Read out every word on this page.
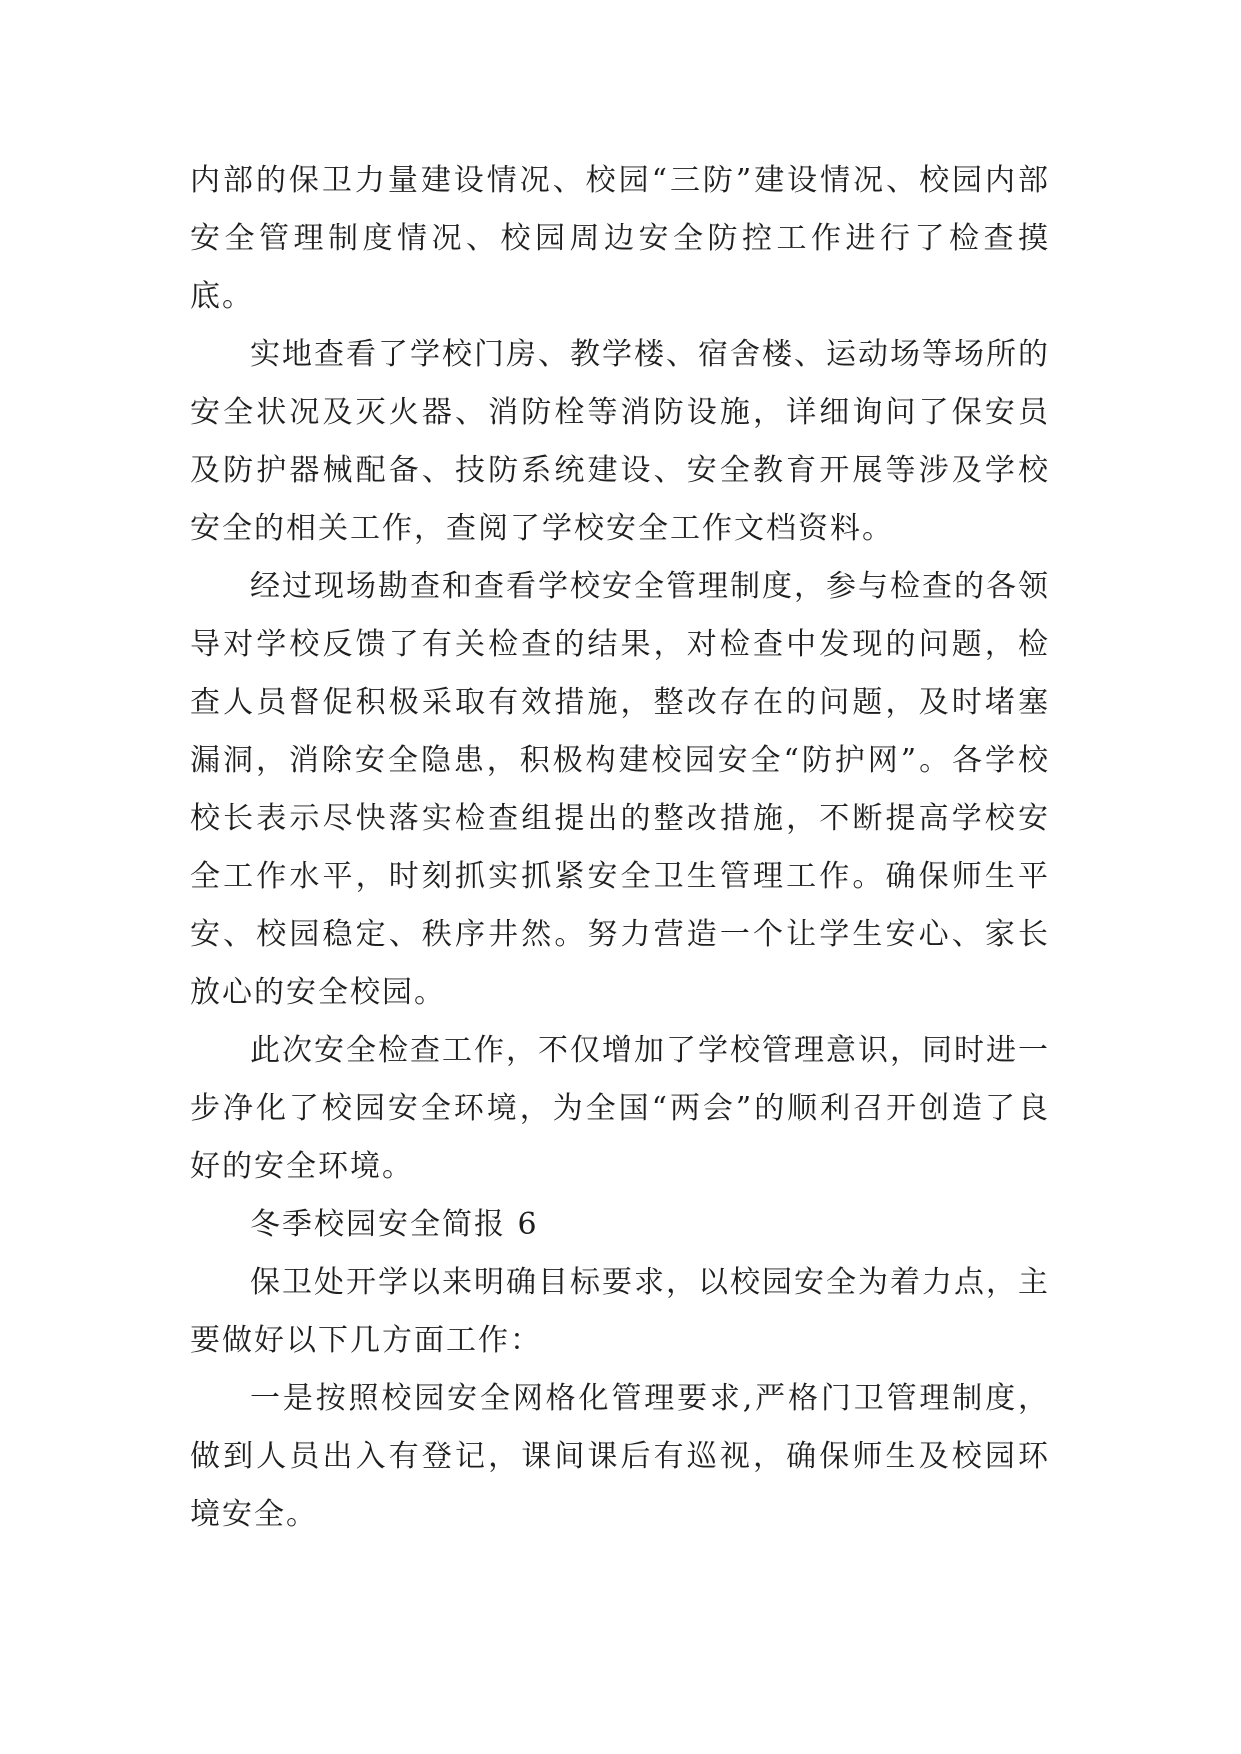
内部的保卫力量建设情况、校园“三防”建设情况、校园内部安全管理制度情况、校园周边安全防控工作进行了检查摸底。

实地查看了学校门房、教学楼、宿舍楼、运动场等场所的安全状况及灭火器、消防栓等消防设施，详细询问了保安员及防护器械配备、技防系统建设、安全教育开展等涉及学校安全的相关工作，查阅了学校安全工作文档资料。

经过现场勘查和查看学校安全管理制度，参与检查的各领导对学校反馈了有关检查的结果，对检查中发现的问题，检查人员督促积极采取有效措施，整改存在的问题，及时堵塞漏洞，消除安全隐患，积极构建校园安全“防护网”。各学校校长表示尽快落实检查组提出的整改措施，不断提高学校安全工作水平，时刻抓实抓紧安全卫生管理工作。确保师生平安、校园稳定、秩序井然。努力营造一个让学生安心、家长放心的安全校园。

此次安全检查工作，不仅增加了学校管理意识，同时进一步净化了校园安全环境，为全国“两会”的顺利召开创造了良好的安全环境。

冬季校园安全简报 6

保卫处开学以来明确目标要求，以校园安全为着力点，主要做好以下几方面工作：

一是按照校园安全网格化管理要求,严格门卫管理制度，做到人员出入有登记，课间课后有巡视，确保师生及校园环境安全。
